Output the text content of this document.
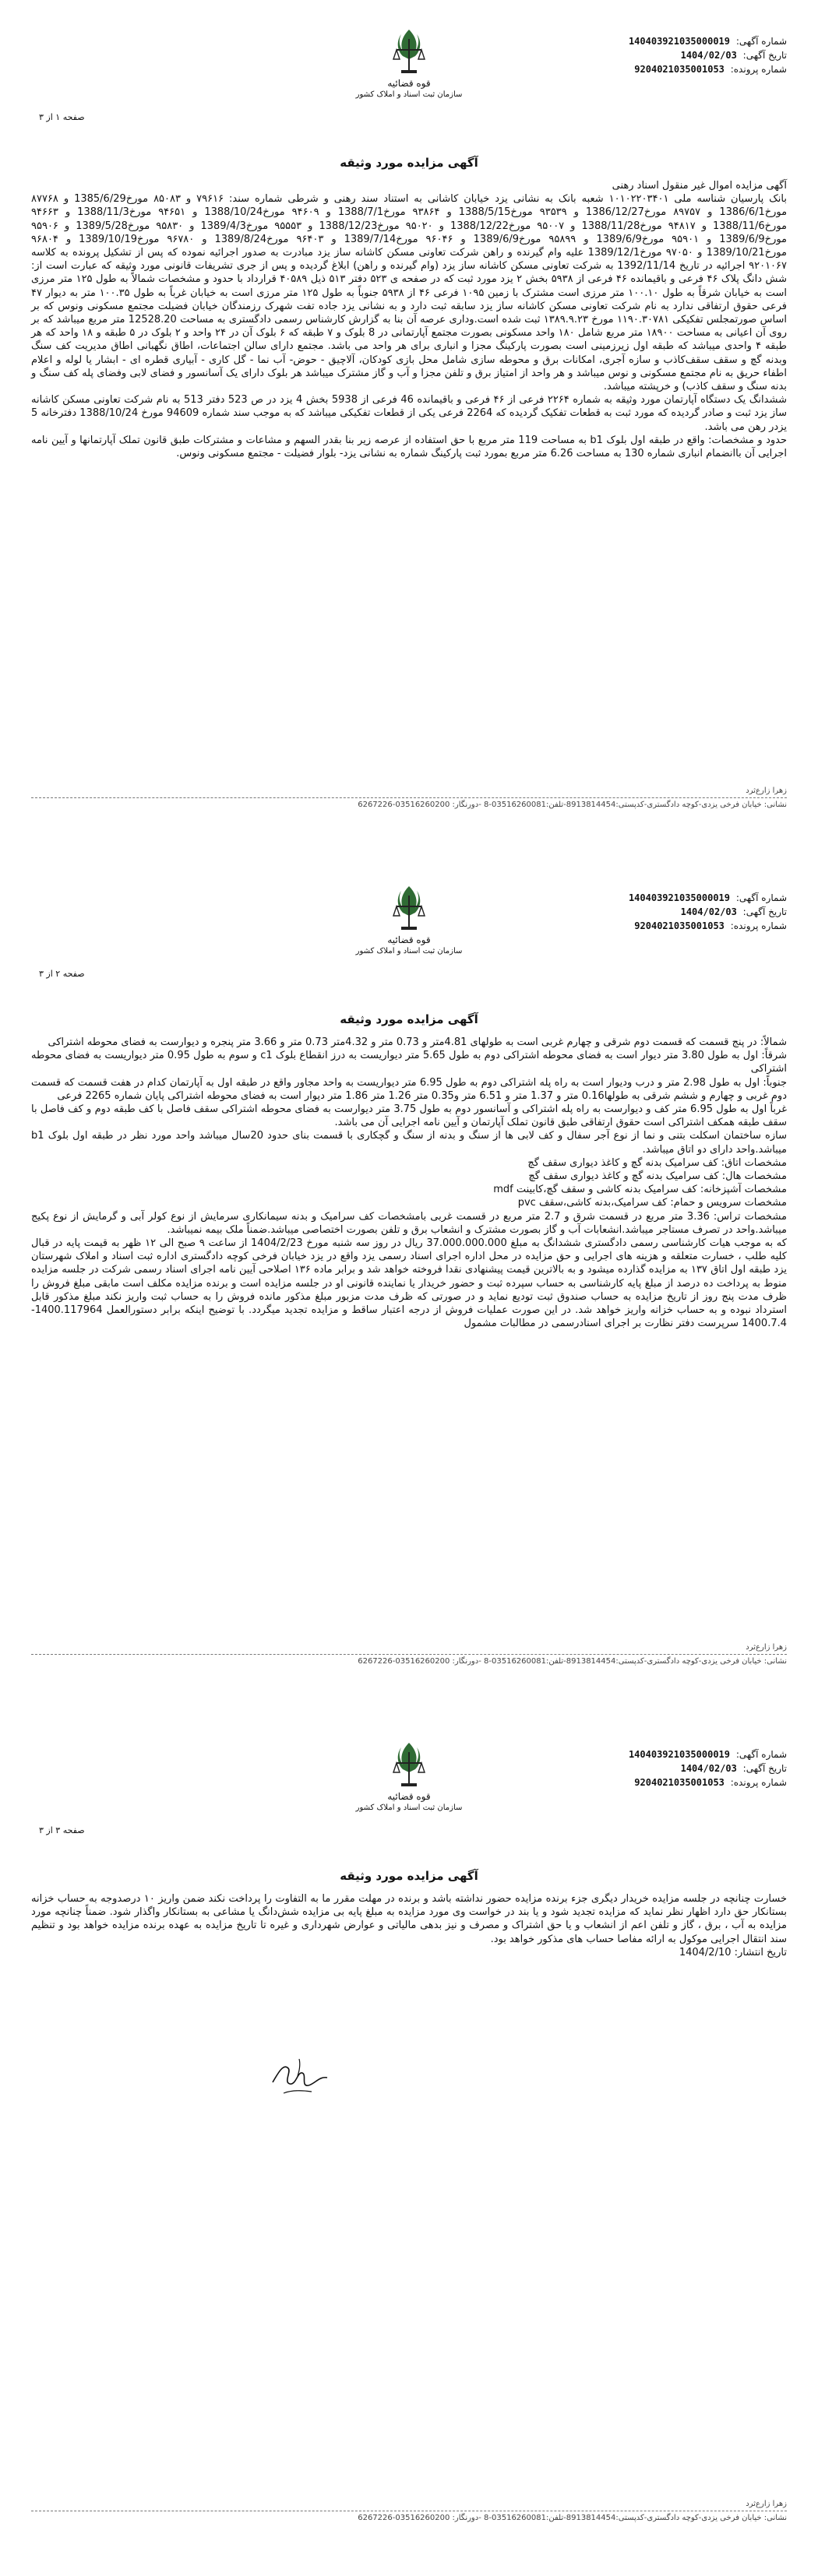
شماره آگهی: 140403921035000019
تاریخ آگهی: 1404/02/03
شماره پرونده: 9204021035001053
قوه قضائیه
سازمان ثبت اسناد و املاک کشور
صفحه ۱ از ۳
آگهی مزایده مورد وثیقه

آگهی مزایده اموال غیر منقول اسناد رهنی

بانک پارسیان شناسه ملی ۱۰۱۰۲۲۰۳۴۰۱ شعبه بانک به نشانی یزد خیابان کاشانی به استناد سند رهنی و شرطی شماره سند: ۷۹۶۱۶ و ۸۵۰۸۳ مورخ1385/6/29 و ۸۷۷۶۸ مورخ1386/6/1 و ۸۹۷۵۷ مورخ1386/12/27 و ۹۳۵۳۹ مورخ1388/5/15 و ۹۳۸۶۴ مورخ1388/7/1 و ۹۴۶۰۹ مورخ1388/10/24 و ۹۴۶۵۱ مورخ1388/11/3 و ۹۴۶۶۳ مورخ1388/11/6 و ۹۴۸۱۷ مورخ1388/11/28 و ۹۵۰۰۷ مورخ1388/12/22 و ۹۵۰۲۰ مورخ1388/12/23 و ۹۵۵۵۳ مورخ1389/4/3 و ۹۵۸۳۰ مورخ1389/5/28 و ۹۵۹۰۶ مورخ1389/6/9 و ۹۵۹۰۱ مورخ1389/6/9 و ۹۵۸۹۹ مورخ1389/6/9 و ۹۶۰۴۶ مورخ1389/7/14 و ۹۶۴۰۳ مورخ1389/8/24 و ۹۶۷۸۰ مورخ1389/10/19 و ۹۶۸۰۴ مورخ1389/10/21 و ۹۷۰۵۰ مورخ1389/12/1 علیه وام گیرنده و راهن شرکت تعاونی مسکن کاشانه ساز یزد مبادرت به صدور اجرائیه نموده که پس از تشکیل پرونده به کلاسه ۹۲۰۱۰۶۷ اجرائیه در تاریخ 1392/11/14 به شرکت تعاونی مسکن کاشانه ساز یزد (وام گیرنده و راهن) ابلاغ گردیده و پس از جری تشریفات قانونی مورد وثیقه که عبارت است از: شش دانگ پلاک ۴۶ فرعی و باقیمانده ۴۶ فرعی از ۵۹۳۸ بخش ۲ یزد مورد ثبت که در صفحه ی ۵۲۳ دفتر ۵۱۳ ذیل ۴۰۵۸۹ قرارداد با حدود و مشخصات شمالاً به طول ۱۲۵ متر مرزی است به خیابان شرقاً به طول ۱۰۰.۱۰ متر مرزی است مشترک با زمین ۱۰۹۵ فرعی ۴۶ از ۵۹۳۸ جنوباً به طول ۱۲۵ متر مرزی است به خیابان غرباً به طول ۱۰۰.۳۵ متر به دیوار ۴۷ فرعی حقوق ارتفاقی ندارد به نام شرکت تعاونی مسکن کاشانه ساز یزد سابقه ثبت دارد و به نشانی یزد جاده تفت شهرک رزمندگان خیابان فضیلت مجتمع مسکونی ونوس که بر اساس صورتمجلس تفکیکی ۱۱۹۰.۳۰۷۸۱ مورخ ۱۳۸۹.۹.۲۳ ثبت شده است.وداری عرصه آن بنا به گزارش کارشناس رسمی دادگستری به مساحت 12528.20 متر مربع میباشد که بر روی آن اعیانی به مساحت ۱۸۹۰۰ متر مربع شامل ۱۸۰ واحد مسکونی بصورت مجتمع آپارتمانی در 8 بلوک و ۷ طبقه که ۶ بلوک آن در ۲۴ واحد و ۲ بلوک در ۵ طبقه و ۱۸ واحد که هر طبقه ۴ واحدی میباشد که طبقه اول زیرزمینی است بصورت پارکینگ مجزا و انباری برای هر واحد می باشد. مجتمع دارای سالن اجتماعات، اطاق نگهبانی اطاق مدیریت کف سنگ وبدنه گچ و سقف سقف‌کاذب و سازه آجری، امکانات برق و محوطه سازی شامل محل بازی کودکان، آلاچیق - حوض- آب نما - گل کاری - آبیاری قطره ای - ابشار یا لوله و اعلام اطفاء حریق به نام مجتمع مسکونی و نوس میباشد و هر واحد از امتیاز برق و تلفن مجزا و آب و گاز مشترک میباشد هر بلوک دارای یک آسانسور و فضای لابی وفضای پله کف سنگ و بدنه سنگ و سقف کاذب) و خرپشته میباشد.

ششدانگ یک دستگاه آپارتمان مورد وثیقه به شماره ۲۲۶۴ فرعی از ۴۶ فرعی و باقیمانده 46 فرعی از 5938 بخش 4 یزد در ص 523 دفتر 513 به نام شرکت تعاونی مسکن کاشانه ساز یزد ثبت و صادر گردیده که مورد ثبت به قطعات تفکیک گردیده که 2264 فرعی یکی از قطعات تفکیکی میباشد که به موجب سند شماره 94609 مورخ 1388/10/24 دفترخانه 5 یزدر رهن می باشد.

حدود و مشخصات: واقع در طبقه اول بلوک b1 به مساحت 119 متر مربع با حق استفاده از عرصه زیر بنا بقدر السهم و مشاعات و مشترکات طبق قانون تملک آپارتمانها و آیین نامه اجرایی آن باانضمام انباری شماره 130 به مساحت 6.26 متر مربع بمورد ثبت پارکینگ شماره به نشانی یزد- بلوار فضیلت - مجتمع مسکونی ونوس.

زهرا زارع‌ثرد
نشانی: خیابان فرخی یزدی-کوچه دادگستری-کدپستی:8913814454-تلفن:03516260081-8 -دورنگار: 03516260200-6267226
شماره آگهی: 140403921035000019
تاریخ آگهی: 1404/02/03
شماره پرونده: 9204021035001053
قوه قضائیه
سازمان ثبت اسناد و املاک کشور
صفحه ۲ از ۳
آگهی مزایده مورد وثیقه

شمالاً: در پنج قسمت که قسمت دوم شرقی و چهارم غربی است به طولهای 4.81متر و 0.73 متر و 4.32متر 0.73 متر و 3.66 متر پنجره و دیوارست به فضای محوطه اشتراکی

شرقاً: اول به طول 3.80 متر دیوار است به فضای محوطه اشتراکی دوم به طول 5.65 متر دیواریست به درز انقطاع بلوک c1 و سوم به طول 0.95 متر دیواریست به فضای محوطه اشتراکی

جنوباً: اول به طول 2.98 متر و درب ودیوار است به راه پله اشتراکی دوم به طول 6.95 متر دیواریست به واحد مجاور واقع در طبقه اول به آپارتمان کدام در هفت قسمت که قسمت دوم غربی و چهارم و ششم شرقی به طولها0.16 متر و 1.37 متر و 6.51 متر و0.35 متر 1.26 متر 1.86 متر دیوار است به فضای محوطه اشتراکی پایان شماره 2265 فرعی

غرباً اول به طول 6.95 متر کف و دیوارست به راه پله اشتراکی و آسانسور دوم به طول 3.75 متر دیوارست به فضای محوطه اشتراکی سقف فاصل با کف طبقه دوم و کف فاصل با سقف طبقه همکف اشتراکی است حقوق ارتفاقی طبق قانون تملک آپارتمان و آیین نامه اجرایی آن می باشد.

سازه ساختمان اسکلت بتنی و نما از نوع آجر سفال و کف لابی ها از سنگ و بدنه از سنگ و گچکاری با قسمت بنای حدود 20سال میباشد واحد مورد نظر در طبقه اول بلوک b1 میباشد.واحد دارای دو اتاق میباشد.

مشخصات اتاق: کف سرامیک بدنه گچ و کاغذ دیواری سقف گچ

مشخصات هال: کف سرامیک بدنه گچ و کاغذ دیواری سقف گچ

مشخصات آشپزخانه: کف سرامیک بدنه کاشی و سقف گچ،کابینت mdf

مشخصات سرویس و حمام: کف سرامیک،بدنه کاشی،سقف pvc

مشخصات تراس: 3.36 متر مربع در قسمت شرق و 2.7 متر مربع در قسمت غربی بامشخصات کف سرامیک و بدنه سیمانکاری سرمایش از نوع کولر آبی و گرمایش از نوع پکیج میباشد.واحد در تصرف مستاجر میباشد.انشعابات آب و گاز بصورت مشترک و انشعاب برق و تلفن بصورت اختصاصی میباشد.ضمناً ملک بیمه نمیباشد.

که به موجب هیات کارشناسی رسمی دادگستری ششدانگ به مبلغ 37.000.000.000 ریال در روز سه شنبه مورخ 1404/2/23 از ساعت ۹ صبح الی ۱۲ ظهر به قیمت پایه در قبال کلیه طلب ، خسارت متعلقه و هزینه های اجرایی و حق مزایده در محل اداره اجرای اسناد رسمی یزد واقع در یزد خیابان فرخی کوچه دادگستری اداره ثبت اسناد و املاک شهرستان یزد طبقه اول اتاق ۱۳۷ به مزایده گذارده میشود و به بالاترین قیمت پیشنهادی نقدا فروخته خواهد شد و برابر ماده ۱۳۶ اصلاحی آیین نامه اجرای اسناد رسمی شرکت در جلسه مزایده منوط به پرداخت ده درصد از مبلغ پایه کارشناسی به حساب سپرده ثبت و حضور خریدار یا نماینده قانونی او در جلسه مزایده است و برنده مزایده مکلف است مابقی مبلغ فروش را ظرف مدت پنج روز از تاریخ مزایده به حساب صندوق ثبت تودیع نماید و در صورتی که ظرف مدت مزبور مبلغ مذکور مانده فروش را به حساب ثبت واریز نکند مبلغ مذکور قابل استرداد نبوده و به حساب خزانه واریز خواهد شد. در این صورت عملیات فروش از درجه اعتبار ساقط و مزایده تجدید میگردد. با توضیح اینکه برابر دستورالعمل 1400.117964-1400.7.4 سرپرست دفتر نظارت بر اجرای اسنادرسمی در مطالبات مشمول

زهرا زارع‌ثرد
نشانی: خیابان فرخی یزدی-کوچه دادگستری-کدپستی:8913814454-تلفن:03516260081-8 -دورنگار: 03516260200-6267226
شماره آگهی: 140403921035000019
تاریخ آگهی: 1404/02/03
شماره پرونده: 9204021035001053
قوه قضائیه
سازمان ثبت اسناد و املاک کشور
صفحه ۳ از ۳
آگهی مزایده مورد وثیقه

خسارت چنانچه در جلسه مزایده خریدار دیگری جزء برنده مزایده حضور نداشته باشد و برنده در مهلت مقرر ما به التفاوت را پرداخت نکند ضمن واریز ۱۰ درصدوجه به حساب خزانه بستانکار حق دارد اظهار نظر نماید که مزایده تجدید شود و یا بند در خواست وی مورد مزایده به مبلغ پایه بی مزایده شش‌دانگ یا مشاعی به بستانکار واگذار شود. ضمناً چنانچه مورد مزایده به آب ، برق ، گاز و تلفن اعم از انشعاب و یا حق اشتراک و مصرف و نیز بدهی مالیاتی و عوارض شهرداری و غیره تا تاریخ مزایده به عهده برنده مزایده خواهد بود و تنظیم سند انتقال اجرایی موکول به ارائه مفاصا حساب های مذکور خواهد بود.

تاریخ انتشار: 1404/2/10

زهرا زارع‌ثرد
نشانی: خیابان فرخی یزدی-کوچه دادگستری-کدپستی:8913814454-تلفن:03516260081-8 -دورنگار: 03516260200-6267226
